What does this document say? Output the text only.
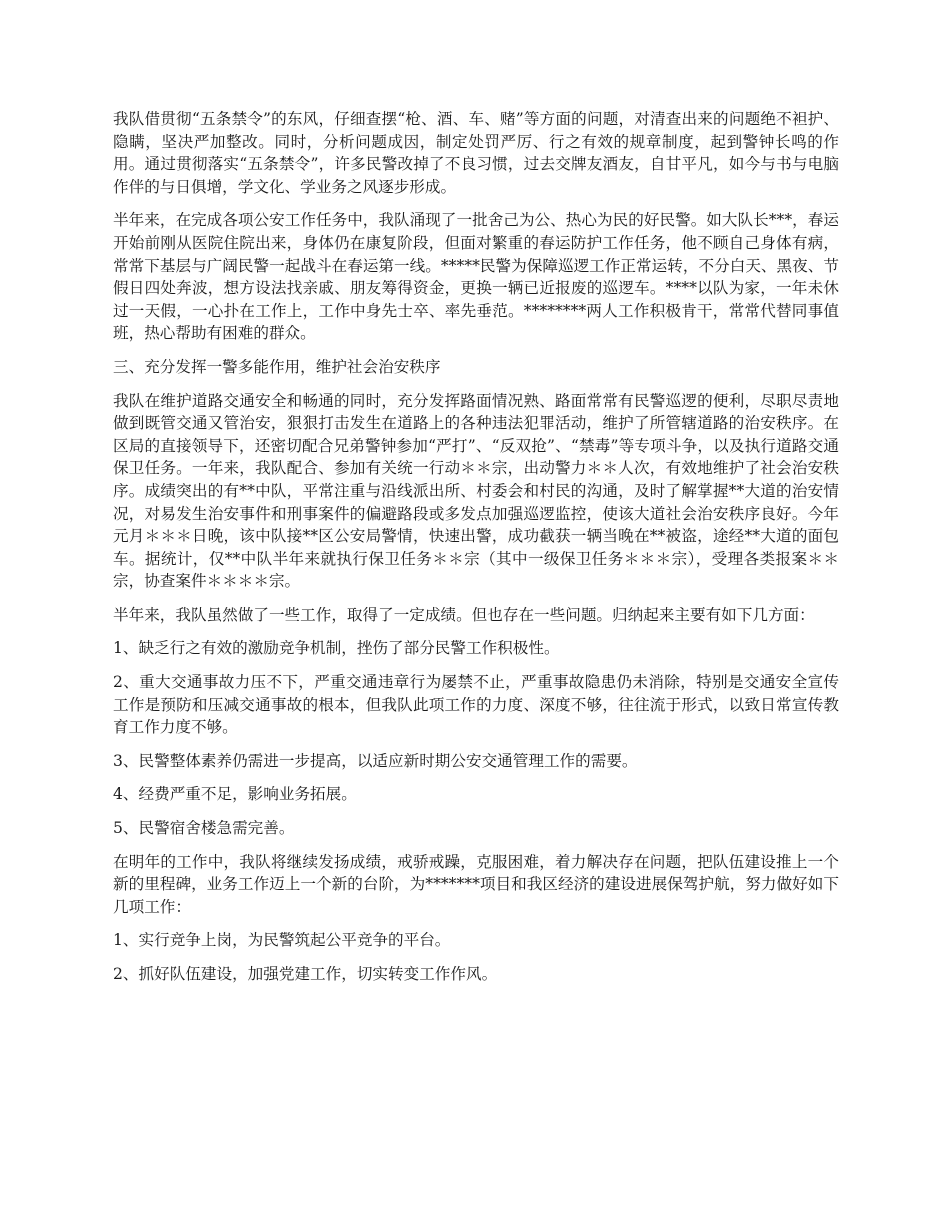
我队借贯彻“五条禁令”的东风，仔细查摆“枪、酒、车、赌”等方面的问题，对清查出来的问题绝不袒护、隐瞒，坚决严加整改。同时，分析问题成因，制定处罚严厉、行之有效的规章制度，起到警钟长鸣的作用。通过贯彻落实“五条禁令”，许多民警改掉了不良习惯，过去交牌友酒友，自甘平凡，如今与书与电脑作伴的与日俱增，学文化、学业务之风逐步形成。

半年来，在完成各项公安工作任务中，我队涌现了一批舍己为公、热心为民的好民警。如大队长***，春运开始前刚从医院住院出来，身体仍在康复阶段，但面对繁重的春运防护工作任务，他不顾自己身体有病，常常下基层与广阔民警一起战斗在春运第一线。*****民警为保障巡逻工作正常运转，不分白天、黑夜、节假日四处奔波，想方设法找亲戚、朋友筹得资金，更换一辆已近报废的巡逻车。****以队为家，一年未休过一天假，一心扑在工作上，工作中身先士卒、率先垂范。********两人工作积极肯干，常常代替同事值班，热心帮助有困难的群众。

三、充分发挥一警多能作用，维护社会治安秩序

我队在维护道路交通安全和畅通的同时，充分发挥路面情况熟、路面常常有民警巡逻的便利，尽职尽责地做到既管交通又管治安，狠狠打击发生在道路上的各种违法犯罪活动，维护了所管辖道路的治安秩序。在区局的直接领导下，还密切配合兄弟警钟参加“严打”、“反双抢”、“禁毒”等专项斗争，以及执行道路交通保卫任务。一年来，我队配合、参加有关统一行动＊＊宗，出动警力＊＊人次，有效地维护了社会治安秩序。成绩突出的有**中队，平常注重与沿线派出所、村委会和村民的沟通，及时了解掌握**大道的治安情况，对易发生治安事件和刑事案件的偏避路段或多发点加强巡逻监控，使该大道社会治安秩序良好。今年元月＊＊＊日晚，该中队接**区公安局警情，快速出警，成功截获一辆当晚在**被盗，途经**大道的面包车。据统计，仅**中队半年来就执行保卫任务＊＊宗（其中一级保卫任务＊＊＊宗），受理各类报案＊＊宗，协查案件＊＊＊＊宗。

半年来，我队虽然做了一些工作，取得了一定成绩。但也存在一些问题。归纳起来主要有如下几方面：

1、缺乏行之有效的激励竞争机制，挫伤了部分民警工作积极性。

2、重大交通事故力压不下，严重交通违章行为屡禁不止，严重事故隐患仍未消除，特别是交通安全宣传工作是预防和压减交通事故的根本，但我队此项工作的力度、深度不够，往往流于形式，以致日常宣传教育工作力度不够。

3、民警整体素养仍需进一步提高，以适应新时期公安交通管理工作的需要。

4、经费严重不足，影响业务拓展。

5、民警宿舍楼急需完善。

在明年的工作中，我队将继续发扬成绩，戒骄戒躁，克服困难，着力解决存在问题，把队伍建设推上一个新的里程碑，业务工作迈上一个新的台阶，为*******项目和我区经济的建设进展保驾护航，努力做好如下几项工作：

1、实行竞争上岗，为民警筑起公平竞争的平台。

2、抓好队伍建设，加强党建工作，切实转变工作作风。
